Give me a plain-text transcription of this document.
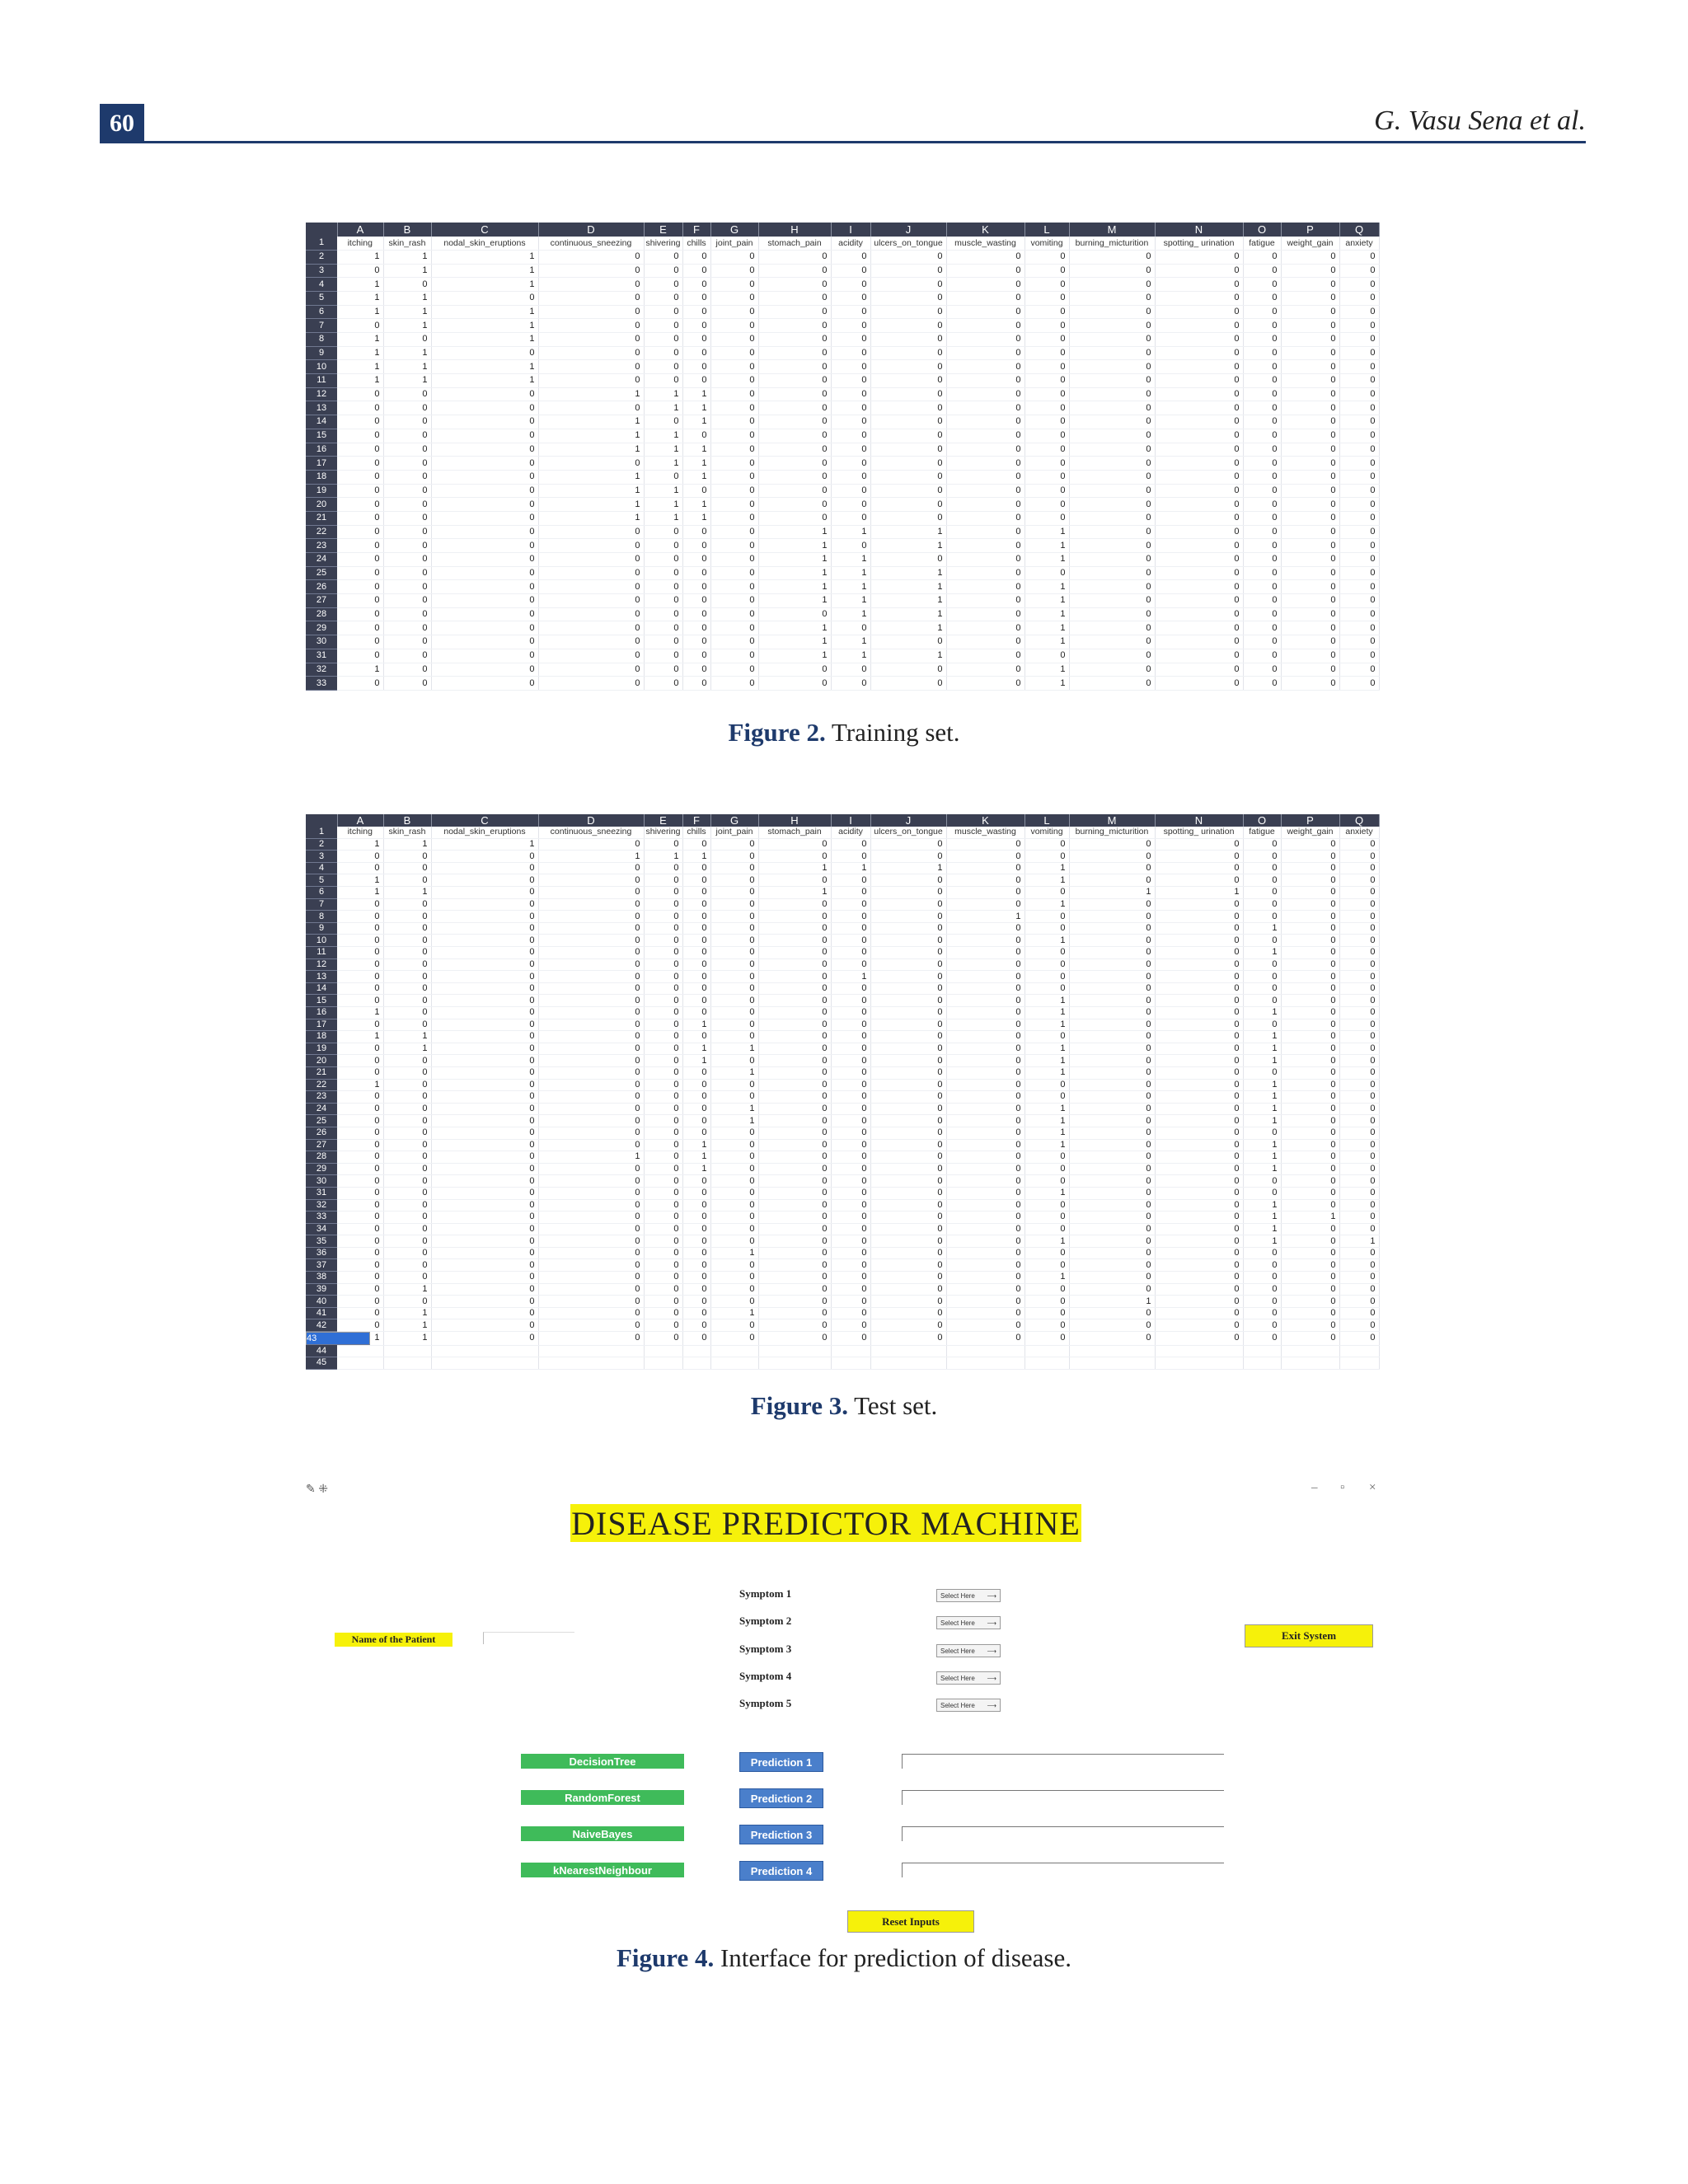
60	G. Vasu Sena et al.
	A	B	C	D	E	F	G	H	I	J	K	L	M	N	O	P	Q
1	itching	skin_rash	nodal_skin_eruptions	continuous_sneezing	shivering	chills	joint_pain	stomach_pain	acidity	ulcers_on_tongue	muscle_wasting	vomiting	burning_micturition	spotting_ urination	fatigue	weight_gain	anxiety
2	1	1	1	0	0	0	0	0	0	0	0	0	0	0	0	0	0
3	0	1	1	0	0	0	0	0	0	0	0	0	0	0	0	0	0
4	1	0	1	0	0	0	0	0	0	0	0	0	0	0	0	0	0
5	1	1	0	0	0	0	0	0	0	0	0	0	0	0	0	0	0
6	1	1	1	0	0	0	0	0	0	0	0	0	0	0	0	0	0
7	0	1	1	0	0	0	0	0	0	0	0	0	0	0	0	0	0
8	1	0	1	0	0	0	0	0	0	0	0	0	0	0	0	0	0
9	1	1	0	0	0	0	0	0	0	0	0	0	0	0	0	0	0
10	1	1	1	0	0	0	0	0	0	0	0	0	0	0	0	0	0
11	1	1	1	0	0	0	0	0	0	0	0	0	0	0	0	0	0
12	0	0	0	1	1	1	0	0	0	0	0	0	0	0	0	0	0
13	0	0	0	0	1	1	0	0	0	0	0	0	0	0	0	0	0
14	0	0	0	1	0	1	0	0	0	0	0	0	0	0	0	0	0
15	0	0	0	1	1	0	0	0	0	0	0	0	0	0	0	0	0
16	0	0	0	1	1	1	0	0	0	0	0	0	0	0	0	0	0
17	0	0	0	0	1	1	0	0	0	0	0	0	0	0	0	0	0
18	0	0	0	1	0	1	0	0	0	0	0	0	0	0	0	0	0
19	0	0	0	1	1	0	0	0	0	0	0	0	0	0	0	0	0
20	0	0	0	1	1	1	0	0	0	0	0	0	0	0	0	0	0
21	0	0	0	1	1	1	0	0	0	0	0	0	0	0	0	0	0
22	0	0	0	0	0	0	0	1	1	1	0	1	0	0	0	0	0
23	0	0	0	0	0	0	0	1	0	1	0	1	0	0	0	0	0
24	0	0	0	0	0	0	0	1	1	0	0	1	0	0	0	0	0
25	0	0	0	0	0	0	0	1	1	1	0	0	0	0	0	0	0
26	0	0	0	0	0	0	0	1	1	1	0	1	0	0	0	0	0
27	0	0	0	0	0	0	0	1	1	1	0	1	0	0	0	0	0
28	0	0	0	0	0	0	0	0	1	1	0	1	0	0	0	0	0
29	0	0	0	0	0	0	0	1	0	1	0	1	0	0	0	0	0
30	0	0	0	0	0	0	0	1	1	0	0	1	0	0	0	0	0
31	0	0	0	0	0	0	0	1	1	1	0	0	0	0	0	0	0
32	1	0	0	0	0	0	0	0	0	0	0	1	0	0	0	0	0
33	0	0	0	0	0	0	0	0	0	0	0	1	0	0	0	0	0
Figure 2. Training set.
	A	B	C	D	E	F	G	H	I	J	K	L	M	N	O	P	Q
1	itching	skin_rash	nodal_skin_eruptions	continuous_sneezing	shivering	chills	joint_pain	stomach_pain	acidity	ulcers_on_tongue	muscle_wasting	vomiting	burning_micturition	spotting_ urination	fatigue	weight_gain	anxiety
2	1	1	1	0	0	0	0	0	0	0	0	0	0	0	0	0	0
3	0	0	0	1	1	1	0	0	0	0	0	0	0	0	0	0	0
4	0	0	0	0	0	0	0	1	1	1	0	1	0	0	0	0	0
5	1	0	0	0	0	0	0	0	0	0	0	1	0	0	0	0	0
6	1	1	0	0	0	0	0	1	0	0	0	0	1	1	0	0	0
7	0	0	0	0	0	0	0	0	0	0	0	1	0	0	0	0	0
8	0	0	0	0	0	0	0	0	0	0	1	0	0	0	0	0	0
9	0	0	0	0	0	0	0	0	0	0	0	0	0	0	1	0	0
10	0	0	0	0	0	0	0	0	0	0	0	1	0	0	0	0	0
11	0	0	0	0	0	0	0	0	0	0	0	0	0	0	1	0	0
12	0	0	0	0	0	0	0	0	0	0	0	0	0	0	0	0	0
13	0	0	0	0	0	0	0	0	1	0	0	0	0	0	0	0	0
14	0	0	0	0	0	0	0	0	0	0	0	0	0	0	0	0	0
15	0	0	0	0	0	0	0	0	0	0	0	1	0	0	0	0	0
16	1	0	0	0	0	0	0	0	0	0	0	1	0	0	1	0	0
17	0	0	0	0	0	1	0	0	0	0	0	1	0	0	0	0	0
18	1	1	0	0	0	0	0	0	0	0	0	0	0	0	1	0	0
19	0	1	0	0	0	1	1	0	0	0	0	1	0	0	1	0	0
20	0	0	0	0	0	1	0	0	0	0	0	1	0	0	1	0	0
21	0	0	0	0	0	0	1	0	0	0	0	1	0	0	0	0	0
22	1	0	0	0	0	0	0	0	0	0	0	0	0	0	1	0	0
23	0	0	0	0	0	0	0	0	0	0	0	0	0	0	1	0	0
24	0	0	0	0	0	0	1	0	0	0	0	1	0	0	1	0	0
25	0	0	0	0	0	0	1	0	0	0	0	1	0	0	1	0	0
26	0	0	0	0	0	0	0	0	0	0	0	1	0	0	0	0	0
27	0	0	0	0	0	1	0	0	0	0	0	1	0	0	1	0	0
28	0	0	0	1	0	1	0	0	0	0	0	0	0	0	1	0	0
29	0	0	0	0	0	1	0	0	0	0	0	0	0	0	1	0	0
30	0	0	0	0	0	0	0	0	0	0	0	0	0	0	0	0	0
31	0	0	0	0	0	0	0	0	0	0	0	1	0	0	0	0	0
32	0	0	0	0	0	0	0	0	0	0	0	0	0	0	1	0	0
33	0	0	0	0	0	0	0	0	0	0	0	0	0	0	1	1	0
34	0	0	0	0	0	0	0	0	0	0	0	0	0	0	1	0	0
35	0	0	0	0	0	0	0	0	0	0	0	1	0	0	1	0	1
36	0	0	0	0	0	0	1	0	0	0	0	0	0	0	0	0	0
37	0	0	0	0	0	0	0	0	0	0	0	0	0	0	0	0	0
38	0	0	0	0	0	0	0	0	0	0	0	1	0	0	0	0	0
39	0	1	0	0	0	0	0	0	0	0	0	0	0	0	0	0	0
40	0	0	0	0	0	0	0	0	0	0	0	0	1	0	0	0	0
41	0	1	0	0	0	0	1	0	0	0	0	0	0	0	0	0	0
42	0	1	0	0	0	0	0	0	0	0	0	0	0	0	0	0	0

43	1	1	0	0	0	0	0	0	0	0	0	0	0	0	0	0	0
44																	
45																	
Figure 3. Test set.
✎ ⁜	– ▫ ×
DISEASE PREDICTOR MACHINE
Name of the Patient	Exit System
Symptom 1
Symptom 2
Symptom 3
Symptom 4
Symptom 5
Select Here ⟶
Select Here ⟶
Select Here ⟶
Select Here ⟶
Select Here ⟶
DecisionTree
RandomForest
NaiveBayes
kNearestNeighbour
Prediction 1
Prediction 2
Prediction 3
Prediction 4
Reset Inputs
Figure 4. Interface for prediction of disease.
